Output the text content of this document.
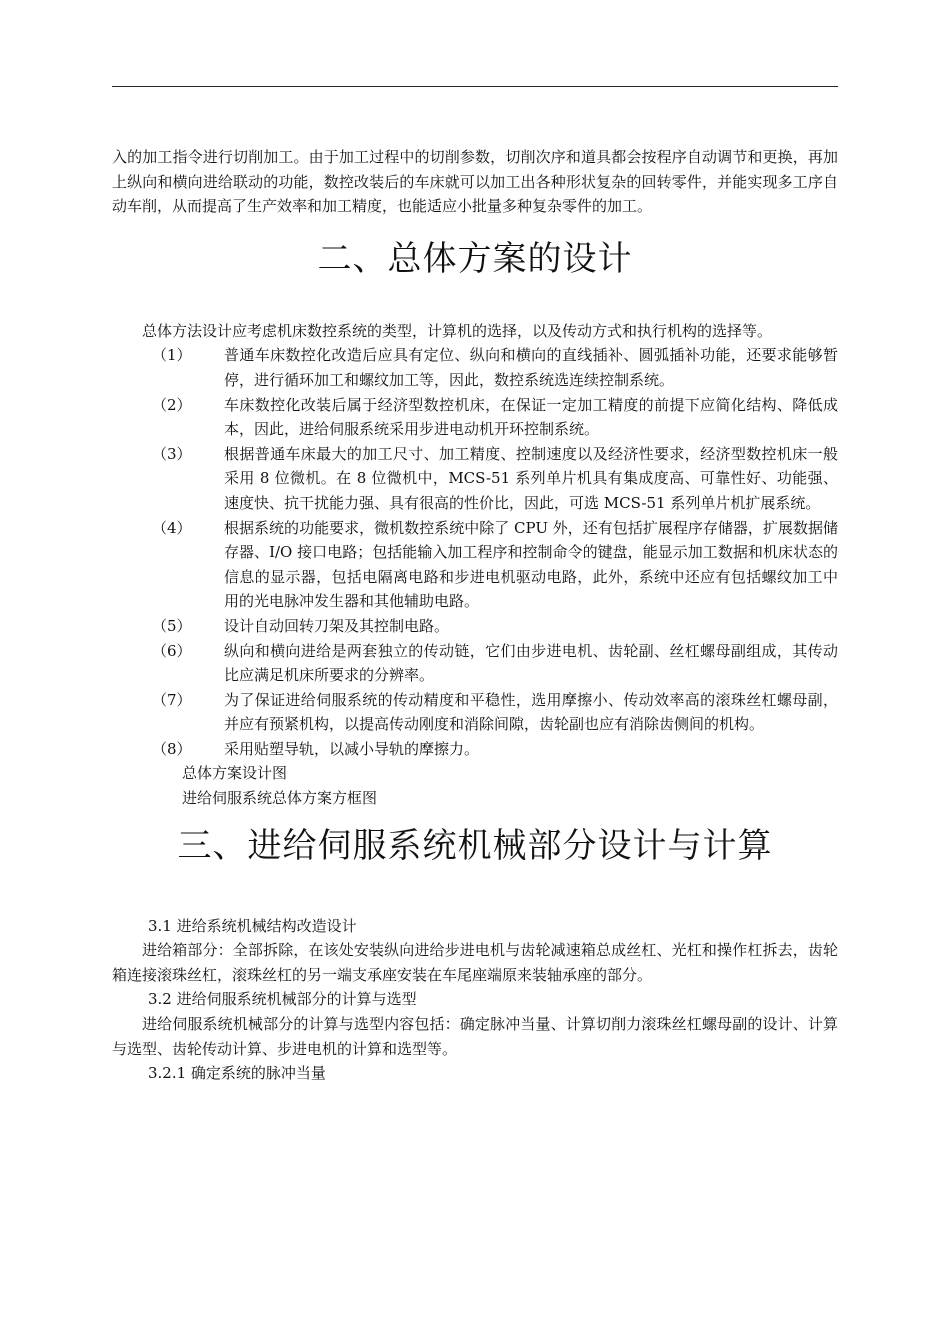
入的加工指令进行切削加工。由于加工过程中的切削参数，切削次序和道具都会按程序自动调节和更换，再加上纵向和横向进给联动的功能，数控改装后的车床就可以加工出各种形状复杂的回转零件，并能实现多工序自动车削，从而提高了生产效率和加工精度，也能适应小批量多种复杂零件的加工。

二、总体方案的设计

总体方法设计应考虑机床数控系统的类型，计算机的选择，以及传动方式和执行机构的选择等。

（1） 普通车床数控化改造后应具有定位、纵向和横向的直线插补、圆弧插补功能，还要求能够暂停，进行循环加工和螺纹加工等，因此，数控系统选连续控制系统。
（2） 车床数控化改装后属于经济型数控机床，在保证一定加工精度的前提下应简化结构、降低成本，因此，进给伺服系统采用步进电动机开环控制系统。
（3） 根据普通车床最大的加工尺寸、加工精度、控制速度以及经济性要求，经济型数控机床一般采用 8 位微机。在 8 位微机中，MCS-51 系列单片机具有集成度高、可靠性好、功能强、速度快、抗干扰能力强、具有很高的性价比，因此，可选 MCS-51 系列单片机扩展系统。
（4） 根据系统的功能要求，微机数控系统中除了 CPU 外，还有包括扩展程序存储器，扩展数据储存器、I/O 接口电路；包括能输入加工程序和控制命令的键盘，能显示加工数据和机床状态的信息的显示器，包括电隔离电路和步进电机驱动电路，此外，系统中还应有包括螺纹加工中用的光电脉冲发生器和其他辅助电路。
（5） 设计自动回转刀架及其控制电路。
（6） 纵向和横向进给是两套独立的传动链，它们由步进电机、齿轮副、丝杠螺母副组成，其传动比应满足机床所要求的分辨率。
（7） 为了保证进给伺服系统的传动精度和平稳性，选用摩擦小、传动效率高的滚珠丝杠螺母副，并应有预紧机构，以提高传动刚度和消除间隙，齿轮副也应有消除齿侧间的机构。
（8） 采用贴塑导轨，以减小导轨的摩擦力。
总体方案设计图
进给伺服系统总体方案方框图
三、进给伺服系统机械部分设计与计算
3.1 进给系统机械结构改造设计

进给箱部分：全部拆除，在该处安装纵向进给步进电机与齿轮减速箱总成丝杠、光杠和操作杠拆去，齿轮箱连接滚珠丝杠，滚珠丝杠的另一端支承座安装在车尾座端原来装轴承座的部分。

3.2 进给伺服系统机械部分的计算与选型

进给伺服系统机械部分的计算与选型内容包括：确定脉冲当量、计算切削力滚珠丝杠螺母副的设计、计算与选型、齿轮传动计算、步进电机的计算和选型等。

3.2.1 确定系统的脉冲当量
